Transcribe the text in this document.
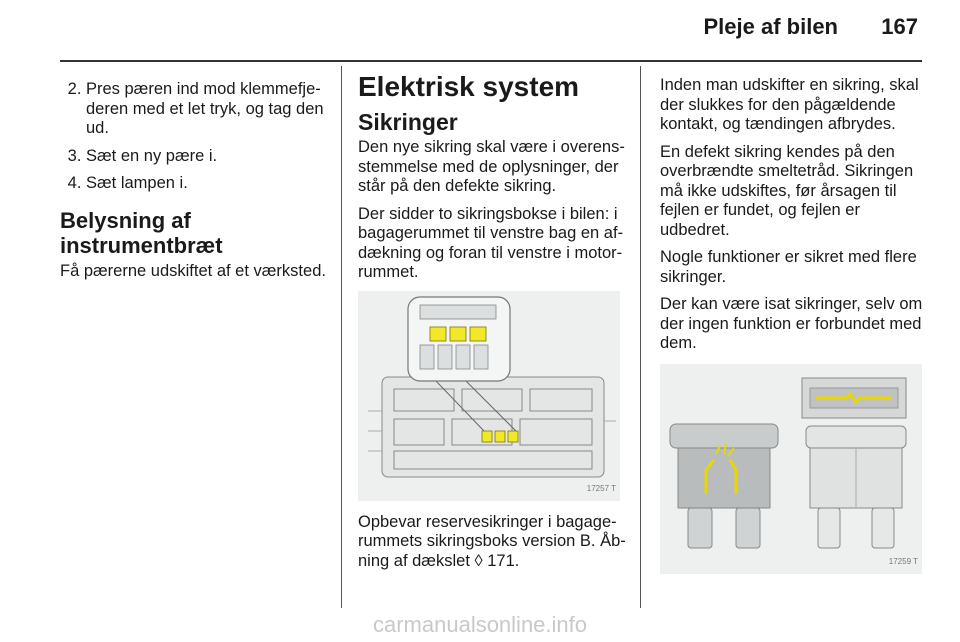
Pleje af bilen 167
2. Pres pæren ind mod klemmefjederen med et let tryk, og tag den ud.
3. Sæt en ny pære i.
4. Sæt lampen i.
Belysning af instrumentbræt

Få pærerne udskiftet af et værksted.

Elektrisk system
Sikringer

Den nye sikring skal være i overensstemmelse med de oplysninger, der står på den defekte sikring.

Der sidder to sikringsbokse i bilen: i bagagerummet til venstre bag en afdækning og foran til venstre i motorrummet.

17257 T

Opbevar reservesikringer i bagagerummets sikringsboks version B. Åbning af dækslet ◊ 171.

Inden man udskifter en sikring, skal der slukkes for den pågældende kontakt, og tændingen afbrydes.

En defekt sikring kendes på den overbrændte smeltetråd. Sikringen må ikke udskiftes, før årsagen til fejlen er fundet, og fejlen er udbedret.

Nogle funktioner er sikret med flere sikringer.

Der kan være isat sikringer, selv om der ingen funktion er forbundet med dem.

17259 T
carmanualsonline.info
